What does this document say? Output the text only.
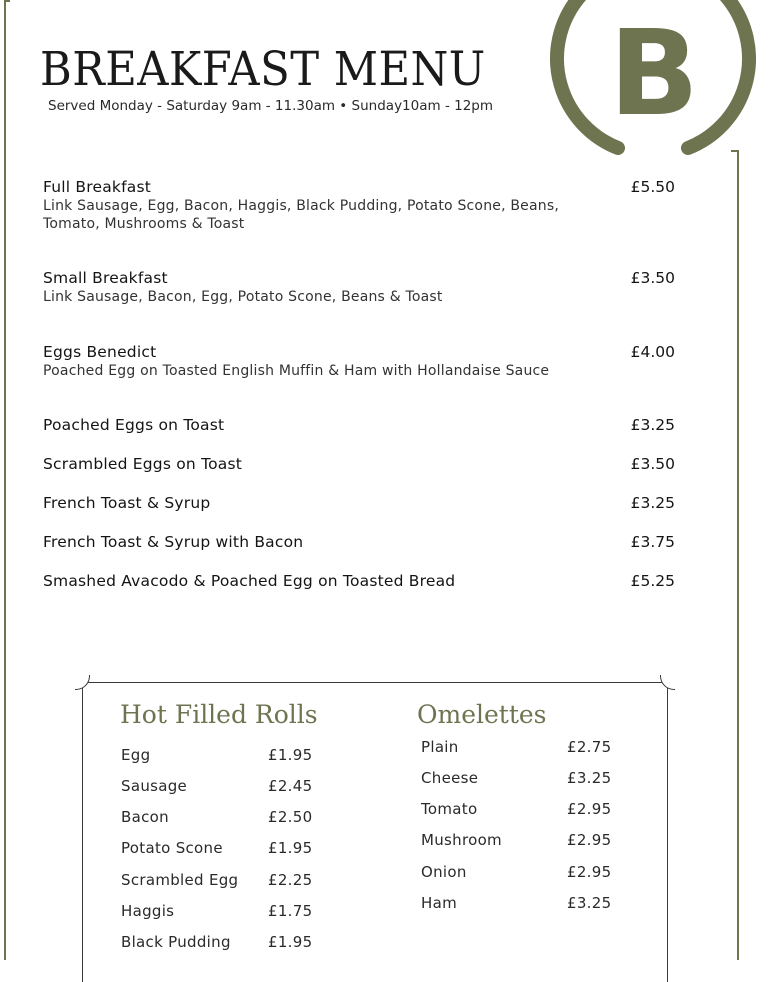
B
BREAKFAST MENU
Served Monday - Saturday 9am - 11.30am • Sunday10am - 12pm
Full Breakfast
Link Sausage, Egg, Bacon, Haggis, Black Pudding, Potato Scone, Beans, Tomato, Mushrooms & Toast
£5.50
Small Breakfast
Link Sausage, Bacon, Egg, Potato Scone, Beans & Toast
£3.50
Eggs Benedict
Poached Egg on Toasted English Muffin & Ham with Hollandaise Sauce
£4.00
Poached Eggs on Toast	£3.25
Scrambled Eggs on Toast	£3.50
French Toast & Syrup	£3.25
French Toast & Syrup with Bacon	£3.75
Smashed Avacodo & Poached Egg on Toasted Bread	£5.25
Hot Filled Rolls	Omelettes
Egg	£1.95
Sausage	£2.45
Bacon	£2.50
Potato Scone	£1.95
Scrambled Egg £2.25
Haggis	£1.75
Black Pudding £1.95
Plain	£2.75
Cheese	£3.25
Tomato	£2.95
Mushroom	£2.95
Onion	£2.95
Ham	£3.25
